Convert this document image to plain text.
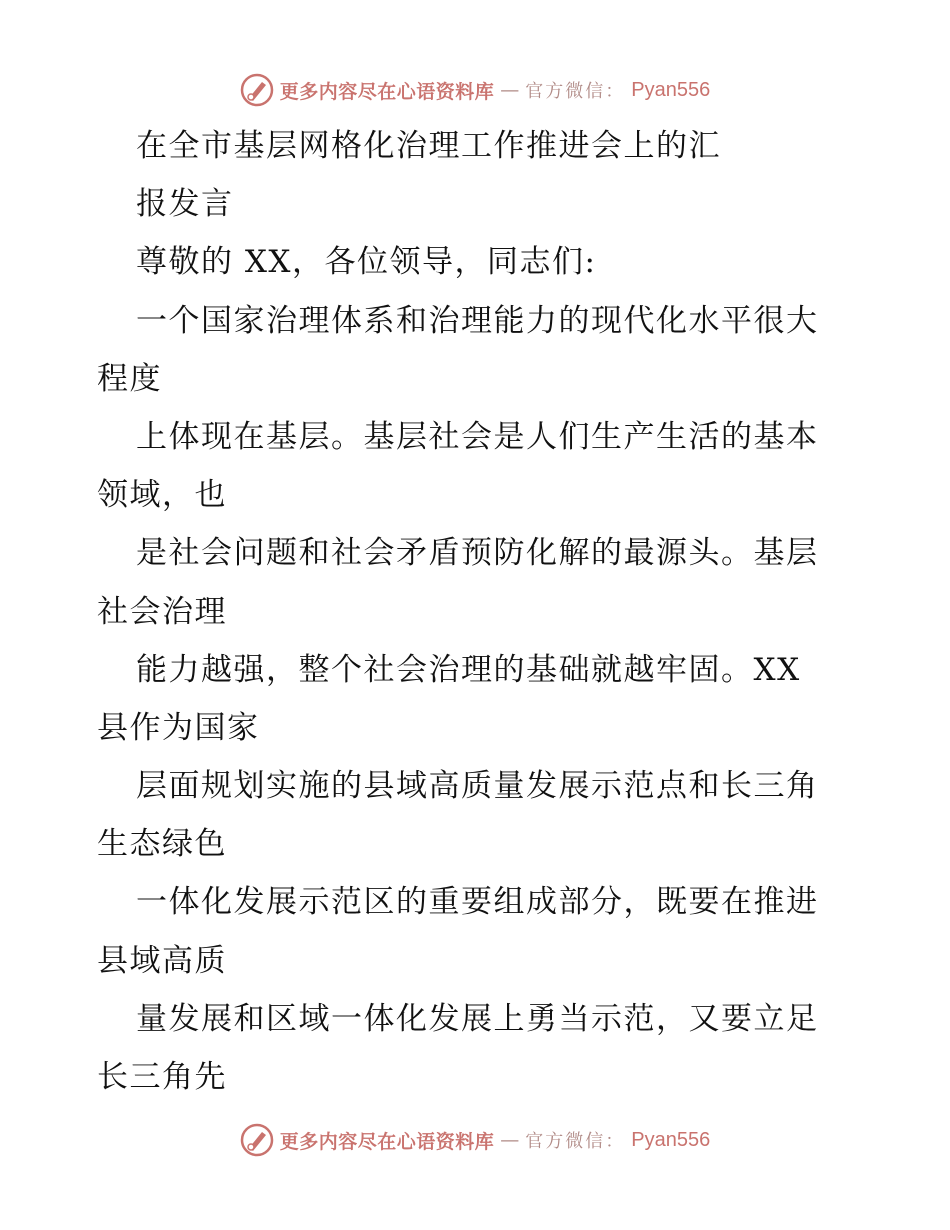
更多内容尽在心语资料库 — 官方微信： Pyan556
在全市基层网格化治理工作推进会上的汇
报发言
尊敬的 XX，各位领导，同志们:
一个国家治理体系和治理能力的现代化水平很大
程度
上体现在基层。基层社会是人们生产生活的基本
领域，也
是社会问题和社会矛盾预防化解的最源头。基层
社会治理
能力越强，整个社会治理的基础就越牢固。XX
县作为国家
层面规划实施的县域高质量发展示范点和长三角
生态绿色
一体化发展示范区的重要组成部分，既要在推进
县域高质
量发展和区域一体化发展上勇当示范，又要立足
长三角先
更多内容尽在心语资料库 — 官方微信： Pyan556
